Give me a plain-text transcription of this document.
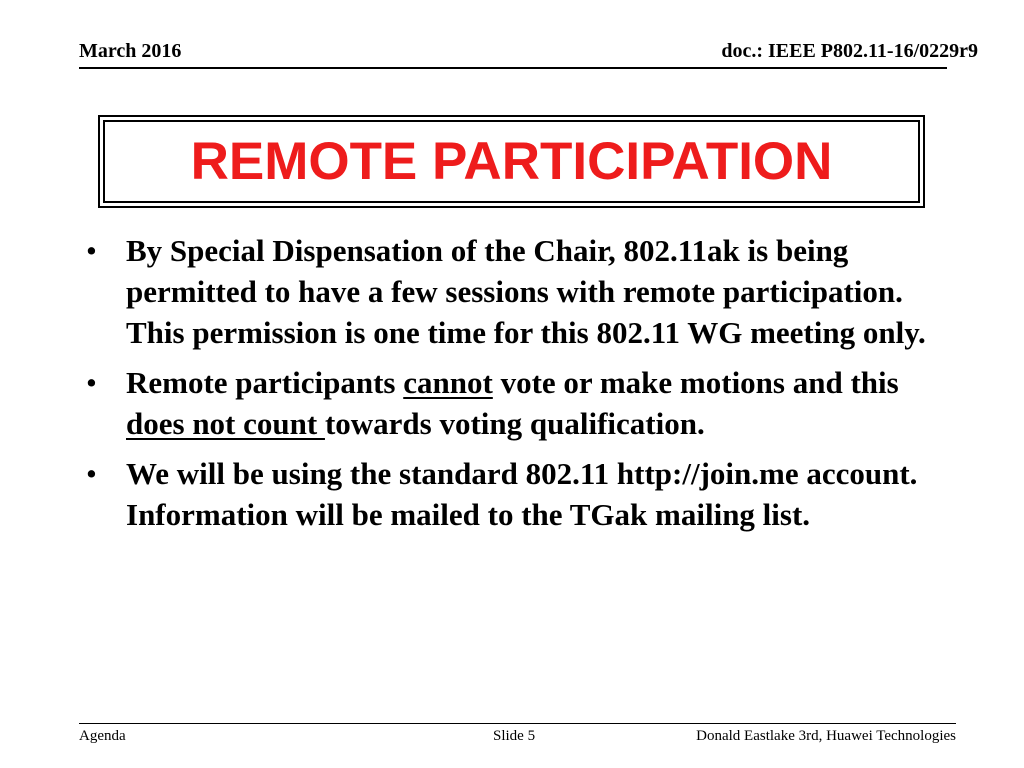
March 2016	doc.: IEEE P802.11-16/0229r9
REMOTE PARTICIPATION
• By Special Dispensation of the Chair, 802.11ak is being permitted to have a few sessions with remote participation. This permission is one time for this 802.11 WG meeting only.
• Remote participants cannot vote or make motions and this does not count towards voting qualification.
• We will be using the standard 802.11 http://join.me account. Information will be mailed to the TGak mailing list.
Agenda	Slide 5	Donald Eastlake 3rd, Huawei Technologies
